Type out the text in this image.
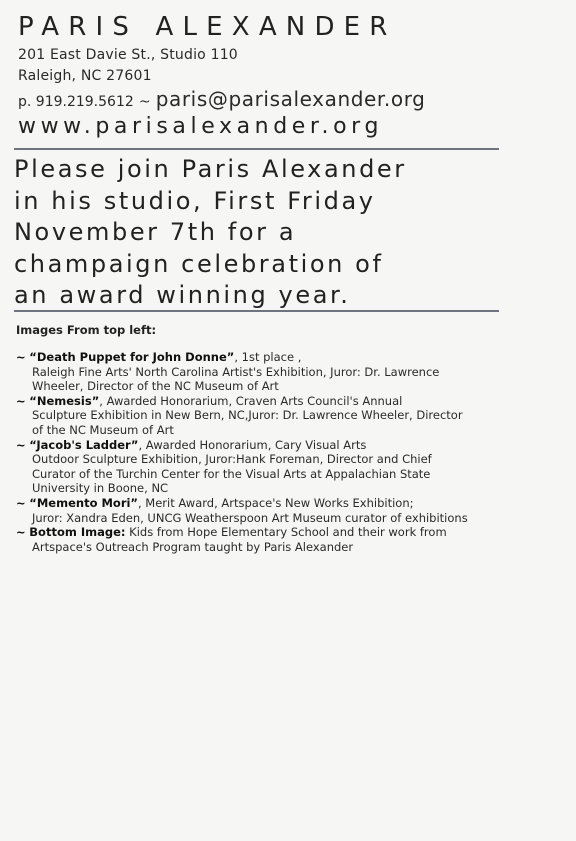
PARIS ALEXANDER
201 East Davie St., Studio 110
Raleigh, NC 27601
p. 919.219.5612 ~ paris@parisalexander.org
www.parisalexander.org
Please join Paris Alexander
in his studio, First Friday
November 7th for a
champaign celebration of
an award winning year.
Images From top left:
~ “Death Puppet for John Donne”, 1st place ,
Raleigh Fine Arts' North Carolina Artist's Exhibition, Juror: Dr. Lawrence
Wheeler, Director of the NC Museum of Art
~ “Nemesis”, Awarded Honorarium, Craven Arts Council's Annual
Sculpture Exhibition in New Bern, NC,Juror: Dr. Lawrence Wheeler, Director
of the NC Museum of Art
~ “Jacob's Ladder”, Awarded Honorarium, Cary Visual Arts
Outdoor Sculpture Exhibition, Juror:Hank Foreman, Director and Chief
Curator of the Turchin Center for the Visual Arts at Appalachian State
University in Boone, NC
~ “Memento Mori”, Merit Award, Artspace's New Works Exhibition;
Juror: Xandra Eden, UNCG Weatherspoon Art Museum curator of exhibitions
~ Bottom Image: Kids from Hope Elementary School and their work from
Artspace's Outreach Program taught by Paris Alexander
